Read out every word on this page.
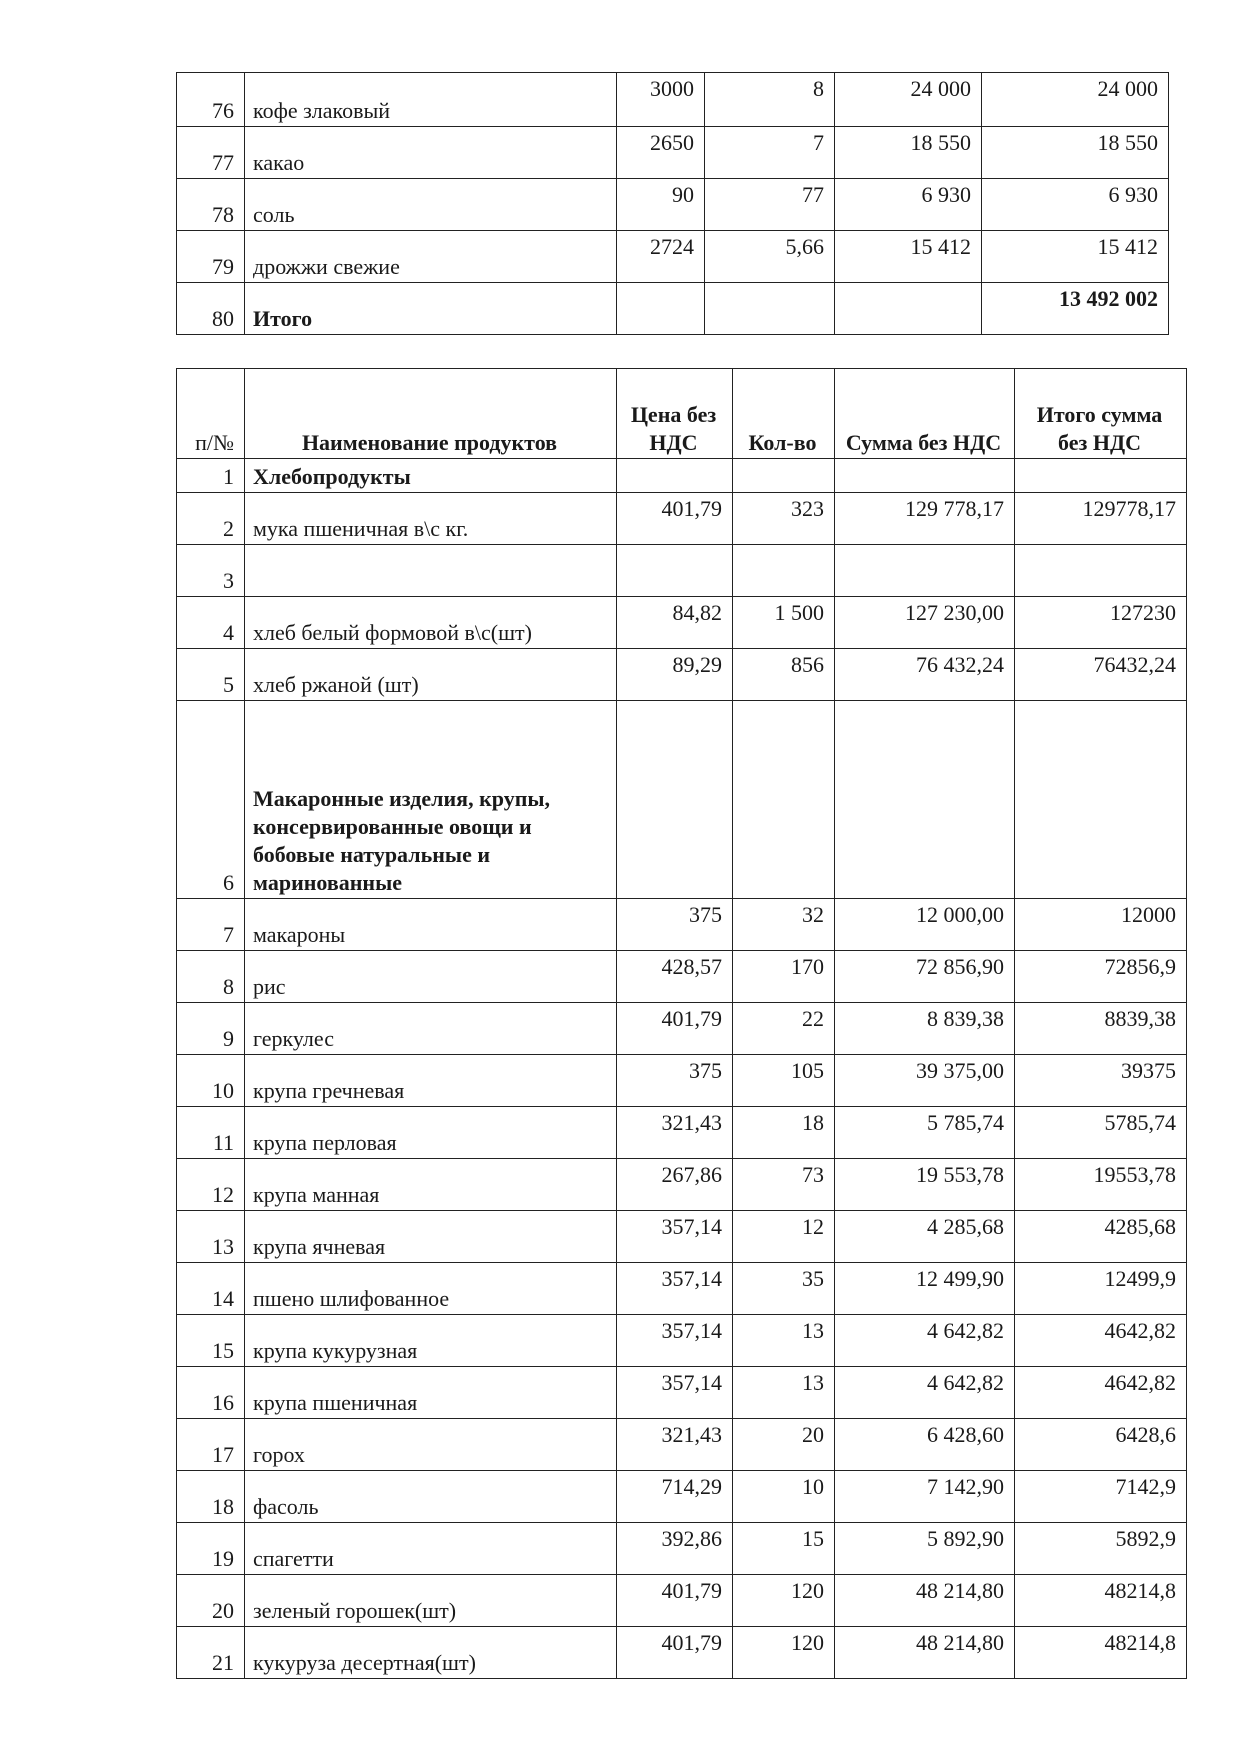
76	кофе злаковый	3000	8	24 000	24 000
77	какао	2650	7	18 550	18 550
78	соль	90	77	6 930	6 930
79	дрожжи свежие	2724	5,66	15 412	15 412
80	Итого				13 492 002
п/№	Наименование продуктов	Цена без НДС	Кол-во	Сумма без НДС	Итого сумма без НДС
1	Хлебопродукты				
2	мука пшеничная в\с кг.	401,79	323	129 778,17	129778,17
3					
4	хлеб белый формовой в\с(шт)	84,82	1 500	127 230,00	127230
5	хлеб ржаной (шт)	89,29	856	76 432,24	76432,24
6	Макаронные изделия, крупы, консервированные овощи и бобовые натуральные и маринованные				
7	макароны	375	32	12 000,00	12000
8	рис	428,57	170	72 856,90	72856,9
9	геркулес	401,79	22	8 839,38	8839,38
10	крупа гречневая	375	105	39 375,00	39375
11	крупа перловая	321,43	18	5 785,74	5785,74
12	крупа манная	267,86	73	19 553,78	19553,78
13	крупа ячневая	357,14	12	4 285,68	4285,68
14	пшено шлифованное	357,14	35	12 499,90	12499,9
15	крупа кукурузная	357,14	13	4 642,82	4642,82
16	крупа пшеничная	357,14	13	4 642,82	4642,82
17	горох	321,43	20	6 428,60	6428,6
18	фасоль	714,29	10	7 142,90	7142,9
19	спагетти	392,86	15	5 892,90	5892,9
20	зеленый горошек(шт)	401,79	120	48 214,80	48214,8
21	кукуруза десертная(шт)	401,79	120	48 214,80	48214,8
